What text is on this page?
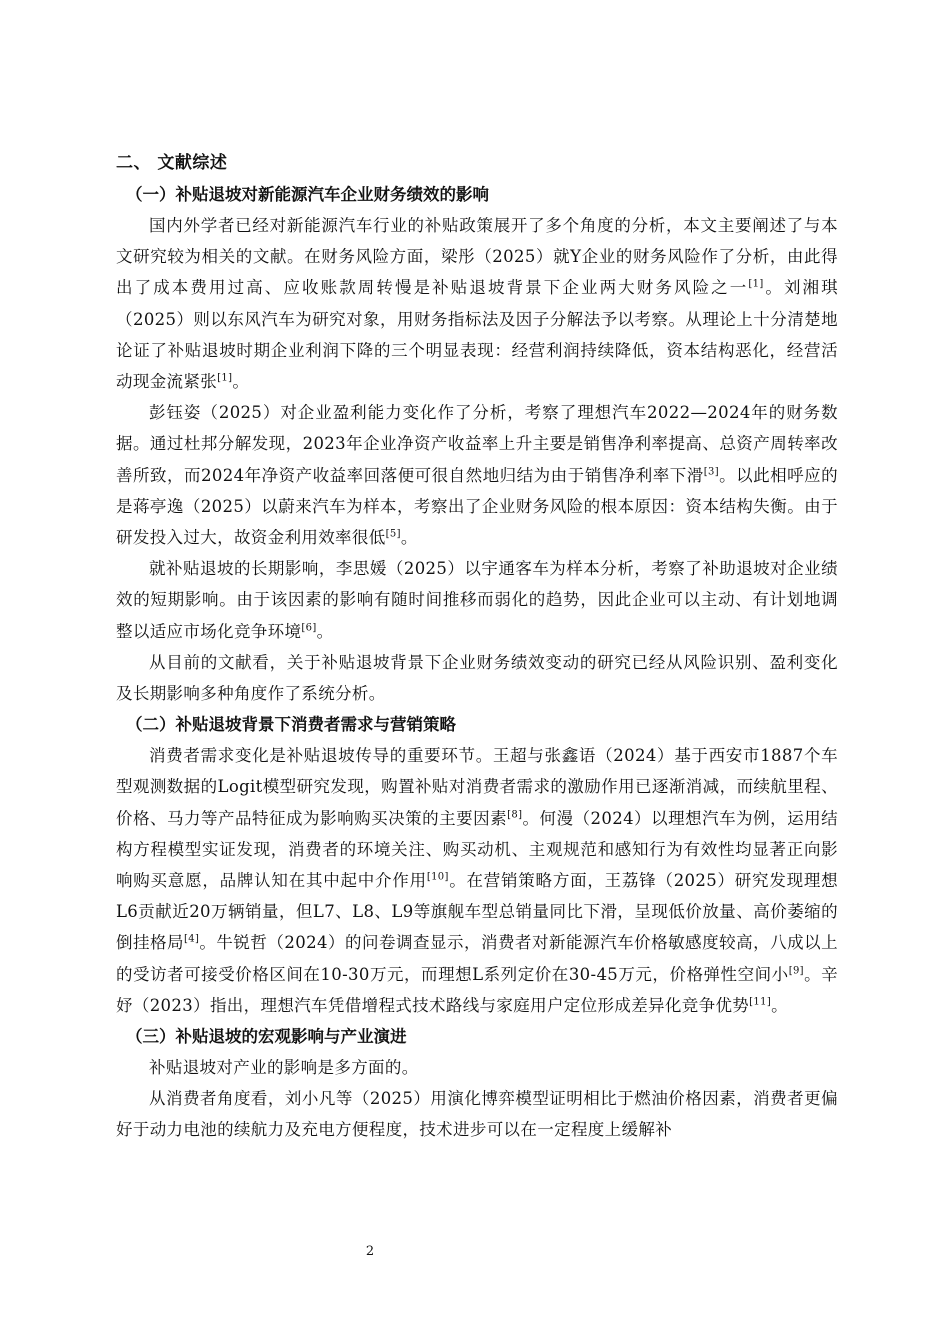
二、 文献综述
（一）补贴退坡对新能源汽车企业财务绩效的影响

国内外学者已经对新能源汽车行业的补贴政策展开了多个角度的分析，本文主要阐述了与本文研究较为相关的文献。在财务风险方面，梁彤（2025）就Y企业的财务风险作了分析，由此得出了成本费用过高、应收账款周转慢是补贴退坡背景下企业两大财务风险之一[1]。刘湘琪（2025）则以东风汽车为研究对象，用财务指标法及因子分解法予以考察。从理论上十分清楚地论证了补贴退坡时期企业利润下降的三个明显表现：经营利润持续降低，资本结构恶化，经营活动现金流紧张[1]。

彭钰姿（2025）对企业盈利能力变化作了分析，考察了理想汽车2022—2024年的财务数据。通过杜邦分解发现，2023年企业净资产收益率上升主要是销售净利率提高、总资产周转率改善所致，而2024年净资产收益率回落便可很自然地归结为由于销售净利率下滑[3]。以此相呼应的是蒋亭逸（2025）以蔚来汽车为样本，考察出了企业财务风险的根本原因：资本结构失衡。由于研发投入过大，故资金利用效率很低[5]。

就补贴退坡的长期影响，李思媛（2025）以宇通客车为样本分析，考察了补助退坡对企业绩效的短期影响。由于该因素的影响有随时间推移而弱化的趋势，因此企业可以主动、有计划地调整以适应市场化竞争环境[6]。

从目前的文献看，关于补贴退坡背景下企业财务绩效变动的研究已经从风险识别、盈利变化及长期影响多种角度作了系统分析。

（二）补贴退坡背景下消费者需求与营销策略

消费者需求变化是补贴退坡传导的重要环节。王超与张鑫语（2024）基于西安市1887个车型观测数据的Logit模型研究发现，购置补贴对消费者需求的激励作用已逐渐消减，而续航里程、价格、马力等产品特征成为影响购买决策的主要因素[8]。何漫（2024）以理想汽车为例，运用结构方程模型实证发现，消费者的环境关注、购买动机、主观规范和感知行为有效性均显著正向影响购买意愿，品牌认知在其中起中介作用[10]。在营销策略方面，王荔锋（2025）研究发现理想L6贡献近20万辆销量，但L7、L8、L9等旗舰车型总销量同比下滑，呈现低价放量、高价萎缩的倒挂格局[4]。牛锐哲（2024）的问卷调查显示，消费者对新能源汽车价格敏感度较高，八成以上的受访者可接受价格区间在10-30万元，而理想L系列定价在30-45万元，价格弹性空间小[9]。辛妤（2023）指出，理想汽车凭借增程式技术路线与家庭用户定位形成差异化竞争优势[11]。

（三）补贴退坡的宏观影响与产业演进

补贴退坡对产业的影响是多方面的。

从消费者角度看，刘小凡等（2025）用演化博弈模型证明相比于燃油价格因素，消费者更偏好于动力电池的续航力及充电方便程度，技术进步可以在一定程度上缓解补

2
